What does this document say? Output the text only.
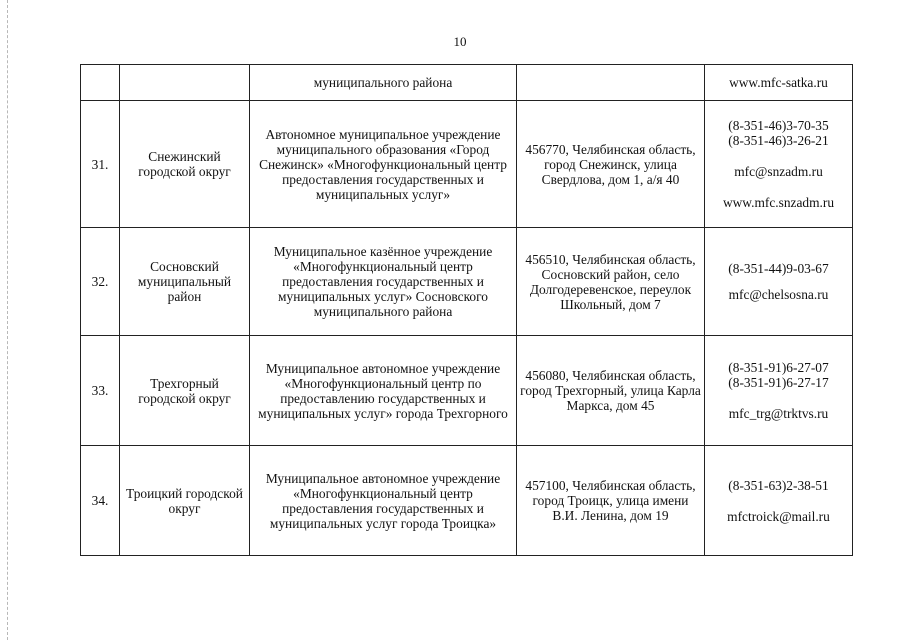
10
		муниципального района		www.mfc-satka.ru

31.	Снежинский городской округ	Автономное муниципальное учреждение муниципального образования «Город Снежинск» «Многофункциональный центр предоставления государственных и муниципальных услуг»	456770, Челябинская область, город Снежинск, улица Свердлова, дом 1, а/я 40	(8-351-46)3-70-35
(8-351-46)3-26-21
mfc@snzadm.ru
www.mfc.snzadm.ru

32.	Сосновский муниципальный район	Муниципальное казённое учреждение «Многофункциональный центр предоставления государственных и муниципальных услуг» Сосновского муниципального района	456510, Челябинская область, Сосновский район, село Долгодеревенское, переулок Школьный, дом 7	(8-351-44)9-03-67
mfc@chelsosna.ru

33.	Трехгорный городской округ	Муниципальное автономное учреждение «Многофункциональный центр по предоставлению государственных и муниципальных услуг» города Трехгорного	456080, Челябинская область, город Трехгорный, улица Карла Маркса, дом 45	(8-351-91)6-27-07
(8-351-91)6-27-17
mfc_trg@trktvs.ru

34.	Троицкий городской округ	Муниципальное автономное учреждение «Многофункциональный центр предоставления государственных и муниципальных услуг города Троицка»	457100, Челябинская область, город Троицк, улица имени В.И. Ленина, дом 19	(8-351-63)2-38-51
mfctroick@mail.ru
